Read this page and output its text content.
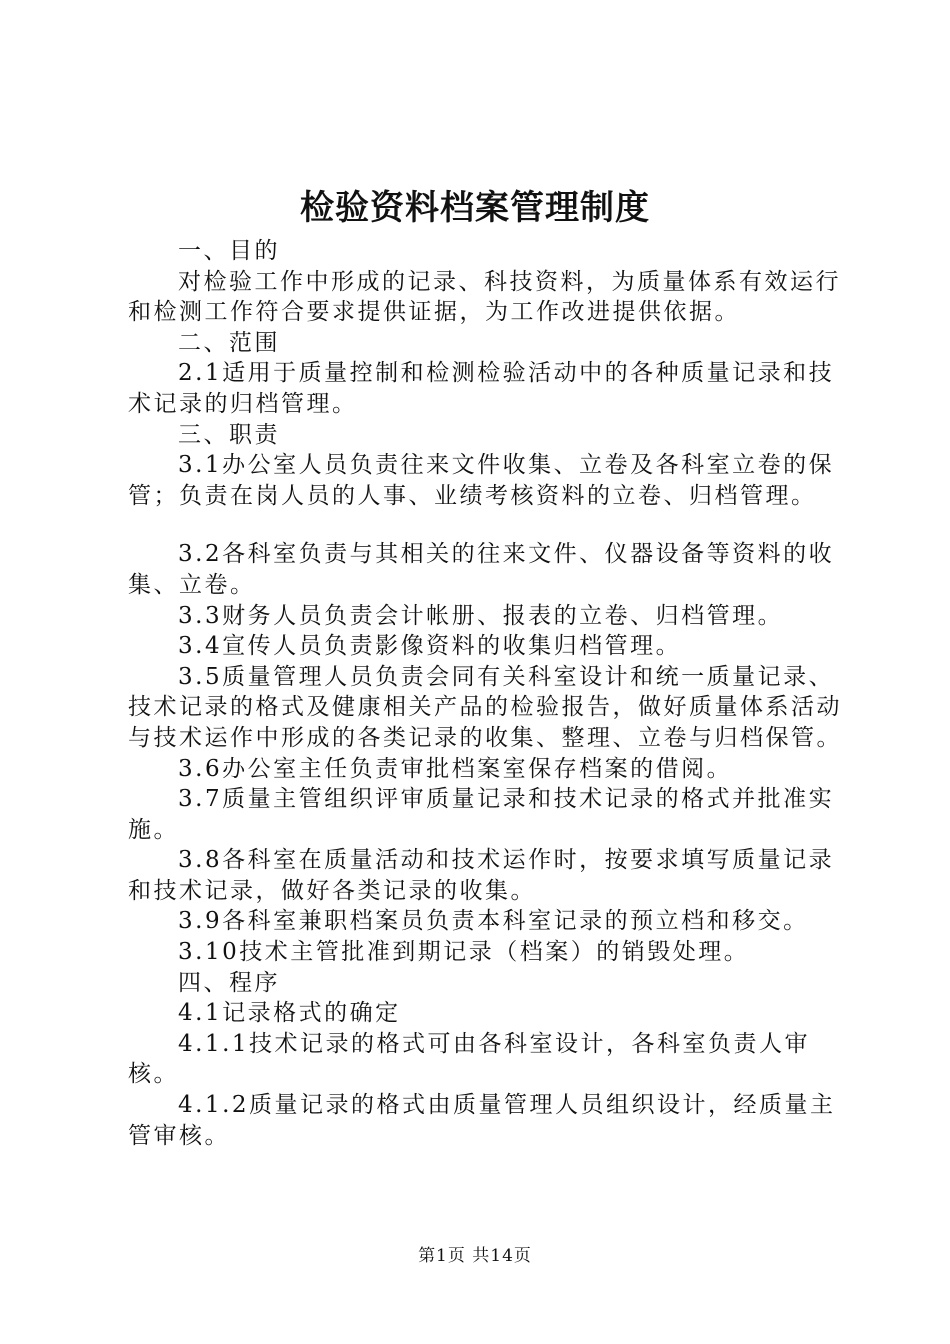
检验资料档案管理制度

一、目的

对检验工作中形成的记录、科技资料，为质量体系有效运行和检测工作符合要求提供证据，为工作改进提供依据。

二、范围

2.1适用于质量控制和检测检验活动中的各种质量记录和技术记录的归档管理。

三、职责

3.1办公室人员负责往来文件收集、立卷及各科室立卷的保管；负责在岗人员的人事、业绩考核资料的立卷、归档管理。

3.2各科室负责与其相关的往来文件、仪器设备等资料的收集、立卷。

3.3财务人员负责会计帐册、报表的立卷、归档管理。

3.4宣传人员负责影像资料的收集归档管理。

3.5质量管理人员负责会同有关科室设计和统一质量记录、技术记录的格式及健康相关产品的检验报告，做好质量体系活动与技术运作中形成的各类记录的收集、整理、立卷与归档保管。

3.6办公室主任负责审批档案室保存档案的借阅。

3.7质量主管组织评审质量记录和技术记录的格式并批准实施。

3.8各科室在质量活动和技术运作时，按要求填写质量记录和技术记录，做好各类记录的收集。

3.9各科室兼职档案员负责本科室记录的预立档和移交。

3.10技术主管批准到期记录（档案）的销毁处理。

四、程序

4.1记录格式的确定

4.1.1技术记录的格式可由各科室设计，各科室负责人审核。

4.1.2质量记录的格式由质量管理人员组织设计，经质量主管审核。

第1页 共14页
